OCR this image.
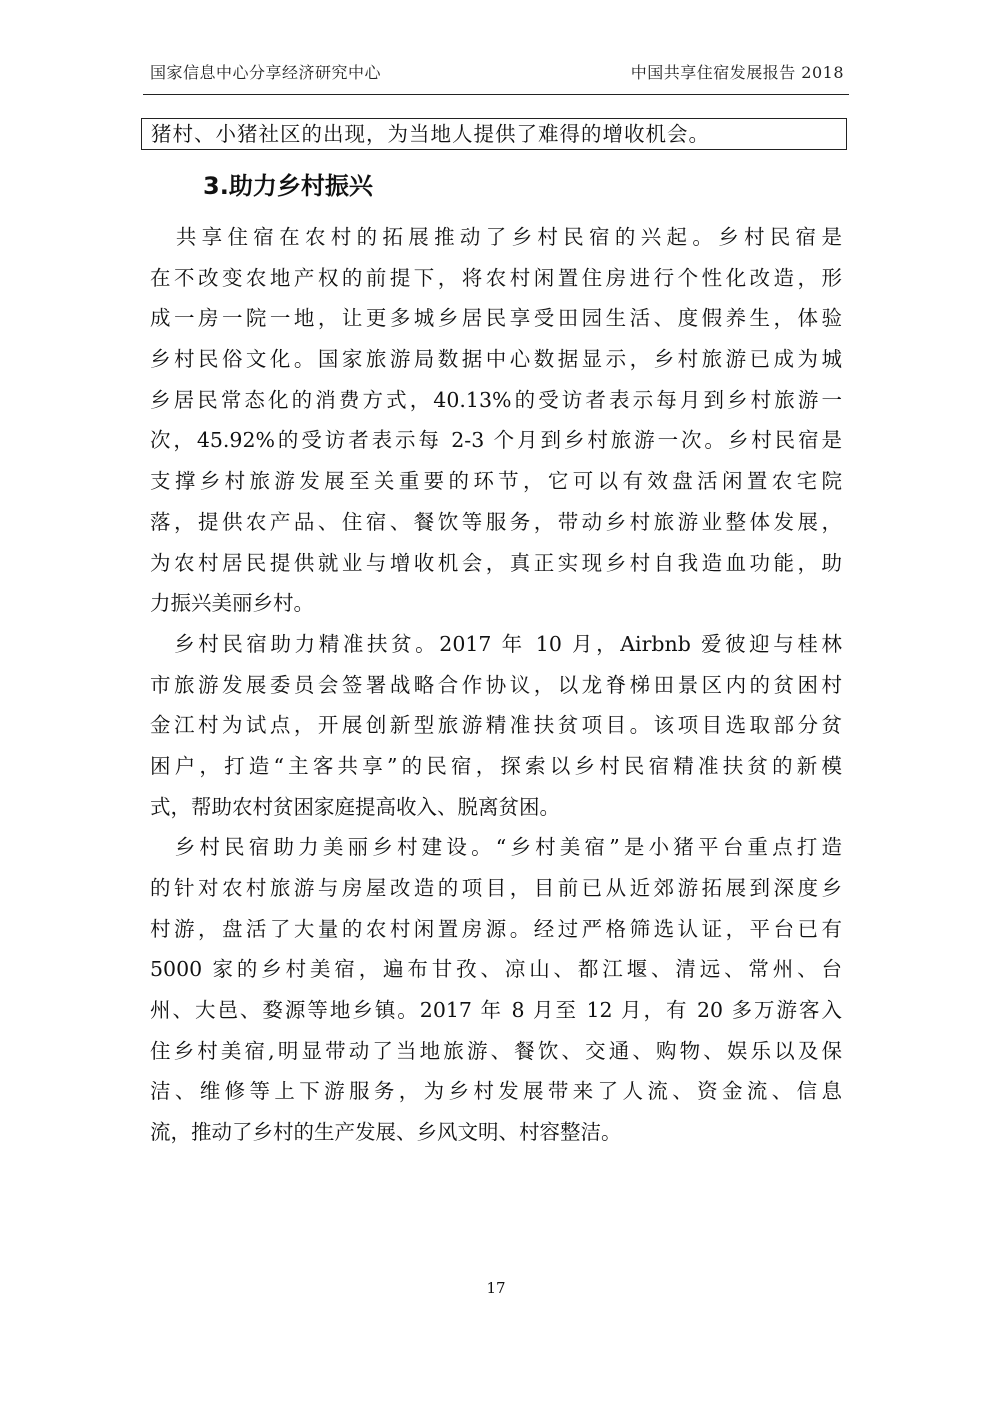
国家信息中心分享经济研究中心	中国共享住宿发展报告 2018
猪村、小猪社区的出现，为当地人提供了难得的增收机会。
3.助力乡村振兴
　共享住宿在农村的拓展推动了乡村民宿的兴起。乡村民宿是
在不改变农地产权的前提下，将农村闲置住房进行个性化改造，形
成一房一院一地，让更多城乡居民享受田园生活、度假养生，体验
乡村民俗文化。国家旅游局数据中心数据显示，乡村旅游已成为城
乡居民常态化的消费方式，40.13%的受访者表示每月到乡村旅游一
次，45.92%的受访者表示每 2-3 个月到乡村旅游一次。乡村民宿是
支撑乡村旅游发展至关重要的环节，它可以有效盘活闲置农宅院
落，提供农产品、住宿、餐饮等服务，带动乡村旅游业整体发展，
为农村居民提供就业与增收机会，真正实现乡村自我造血功能，助
力振兴美丽乡村。
　乡村民宿助力精准扶贫。2017 年 10 月，Airbnb 爱彼迎与桂林
市旅游发展委员会签署战略合作协议，以龙脊梯田景区内的贫困村
金江村为试点，开展创新型旅游精准扶贫项目。该项目选取部分贫
困户，打造“主客共享”的民宿，探索以乡村民宿精准扶贫的新模
式，帮助农村贫困家庭提高收入、脱离贫困。
　乡村民宿助力美丽乡村建设。“乡村美宿”是小猪平台重点打造
的针对农村旅游与房屋改造的项目，目前已从近郊游拓展到深度乡
村游，盘活了大量的农村闲置房源。经过严格筛选认证，平台已有
5000 家的乡村美宿，遍布甘孜、凉山、都江堰、清远、常州、台
州、大邑、婺源等地乡镇。2017 年 8 月至 12 月，有 20 多万游客入
住乡村美宿,明显带动了当地旅游、餐饮、交通、购物、娱乐以及保
洁、维修等上下游服务，为乡村发展带来了人流、资金流、信息
流，推动了乡村的生产发展、乡风文明、村容整洁。
17
